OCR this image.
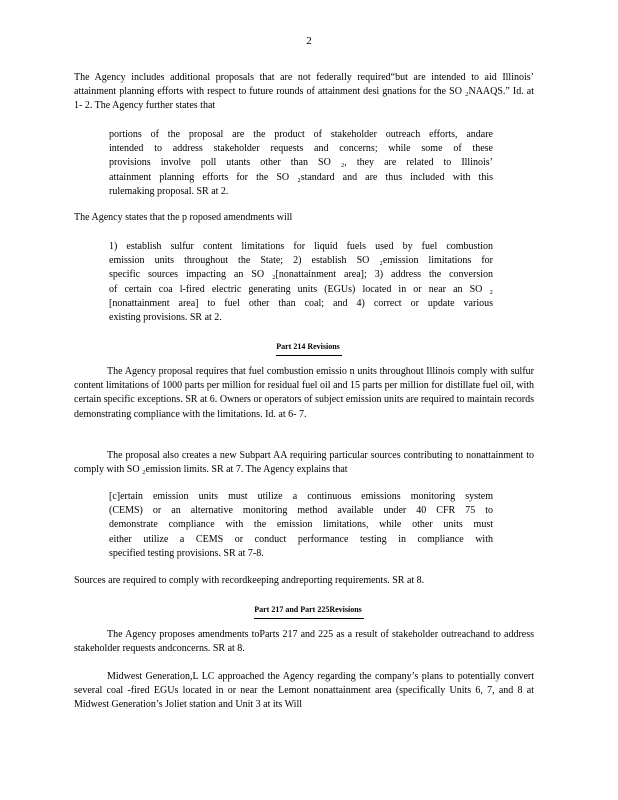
2
The Agency includes additional proposals that are not federally required“but are intended to aid Illinois’ attainment planning efforts with respect to future rounds of attainment desi gnations for the SO ₂NAAQS.” Id. at 1- 2. The Agency further states that
portions of the proposal are the product of stakeholder outreach efforts, andare
intended to address stakeholder requests and concerns; while some of these
provisions involve poll utants other than SO ₂, they are related to Illinois’
attainment planning efforts for the SO ₂standard and are thus included with this
rulemaking proposal. SR at 2.
The Agency states that the p roposed amendments will
1) establish sulfur content limitations for liquid fuels used by fuel combustion
emission units throughout the State; 2) establish SO ₂emission limitations for
specific sources impacting an SO ₂[nonattainment area]; 3) address the conversion
of certain coa l-fired electric generating units (EGUs) located in or near an SO ₂
[nonattainment area] to fuel other than coal; and 4) correct or update various
existing provisions. SR at 2.
Part 214 Revisions
The Agency proposal requires that fuel combustion emissio n units throughout Illinois comply with sulfur content limitations of 1000 parts per million for residual fuel oil and 15 parts per million for distillate fuel oil, with certain specific exceptions. SR at 6. Owners or operators of subject emission units are required to maintain records demonstrating compliance with the limitations. Id. at 6- 7.
The proposal also creates a new Subpart AA requiring particular sources contributing to nonattainment to comply with SO ₂emission limits. SR at 7. The Agency explains that
[c]ertain emission units must utilize a continuous emissions monitoring system
(CEMS) or an alternative monitoring method available under 40 CFR 75 to
demonstrate compliance with the emission limitations, while other units must
either utilize a CEMS or conduct performance testing in compliance with
specified testing provisions. SR at 7-8.
Sources are required to comply with recordkeeping andreporting requirements. SR at 8.
Part 217 and Part 225Revisions
The Agency proposes amendments toParts 217 and 225 as a result of stakeholder outreachand to address stakeholder requests andconcerns. SR at 8.
Midwest Generation,L LC approached the Agency regarding the company’s plans to potentially convert several coal -fired EGUs located in or near the Lemont nonattainment area (specifically Units 6, 7, and 8 at Midwest Generation’s Joliet station and Unit 3 at its Will
